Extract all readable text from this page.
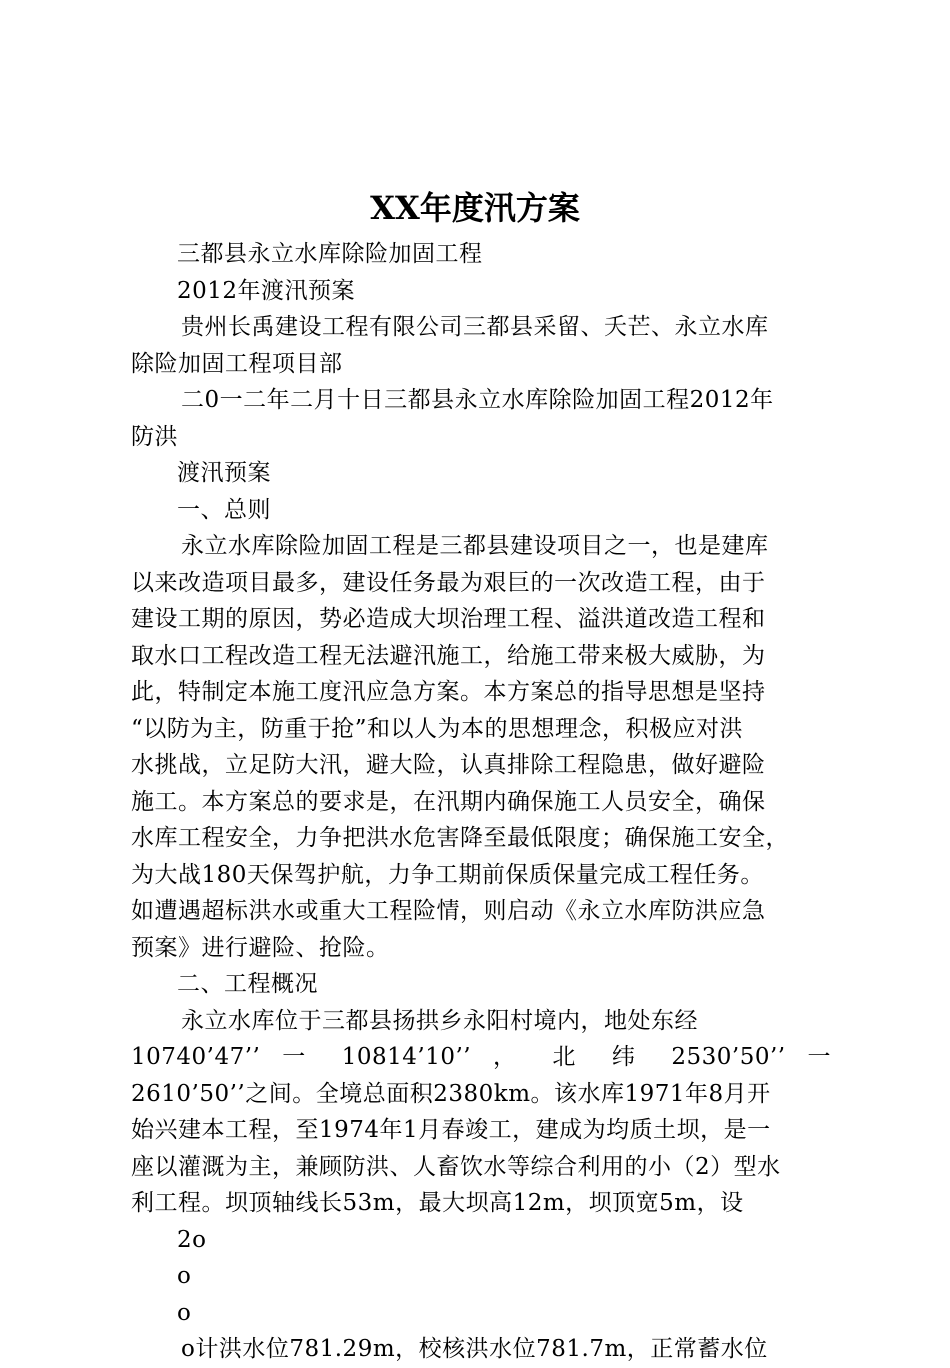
XX年度汛方案
三都县永立水库除险加固工程
2012年渡汛预案
贵州长禹建设工程有限公司三都县采留、夭芒、永立水库
除险加固工程项目部
二0一二年二月十日三都县永立水库除险加固工程2012年
防洪
渡汛预案
一、总则
永立水库除险加固工程是三都县建设项目之一，也是建库
以来改造项目最多，建设任务最为艰巨的一次改造工程，由于
建设工期的原因，势必造成大坝治理工程、溢洪道改造工程和
取水口工程改造工程无法避汛施工，给施工带来极大威胁，为
此，特制定本施工度汛应急方案。本方案总的指导思想是坚持
“以防为主，防重于抢”和以人为本的思想理念，积极应对洪
水挑战，立足防大汛，避大险，认真排除工程隐患，做好避险
施工。本方案总的要求是，在汛期内确保施工人员安全，确保
水库工程安全，力争把洪水危害降至最低限度；确保施工安全，
为大战180天保驾护航，力争工期前保质保量完成工程任务。
如遭遇超标洪水或重大工程险情，则启动《永立水库防洪应急
预案》进行避险、抢险。
二、工程概况
永立水库位于三都县扬拱乡永阳村境内，地处东经
10740’47’’ 一 10814’10’’ ， 北 纬 2530’50’’ 一
2610’50’’之间。全境总面积2380km。该水库1971年8月开
始兴建本工程，至1974年1月春竣工，建成为均质土坝，是一
座以灌溉为主，兼顾防洪、人畜饮水等综合利用的小（2）型水
利工程。坝顶轴线长53m，最大坝高12m，坝顶宽5m，设
2o
o
o
o计洪水位781.29m，校核洪水位781.7m，正常蓄水位
